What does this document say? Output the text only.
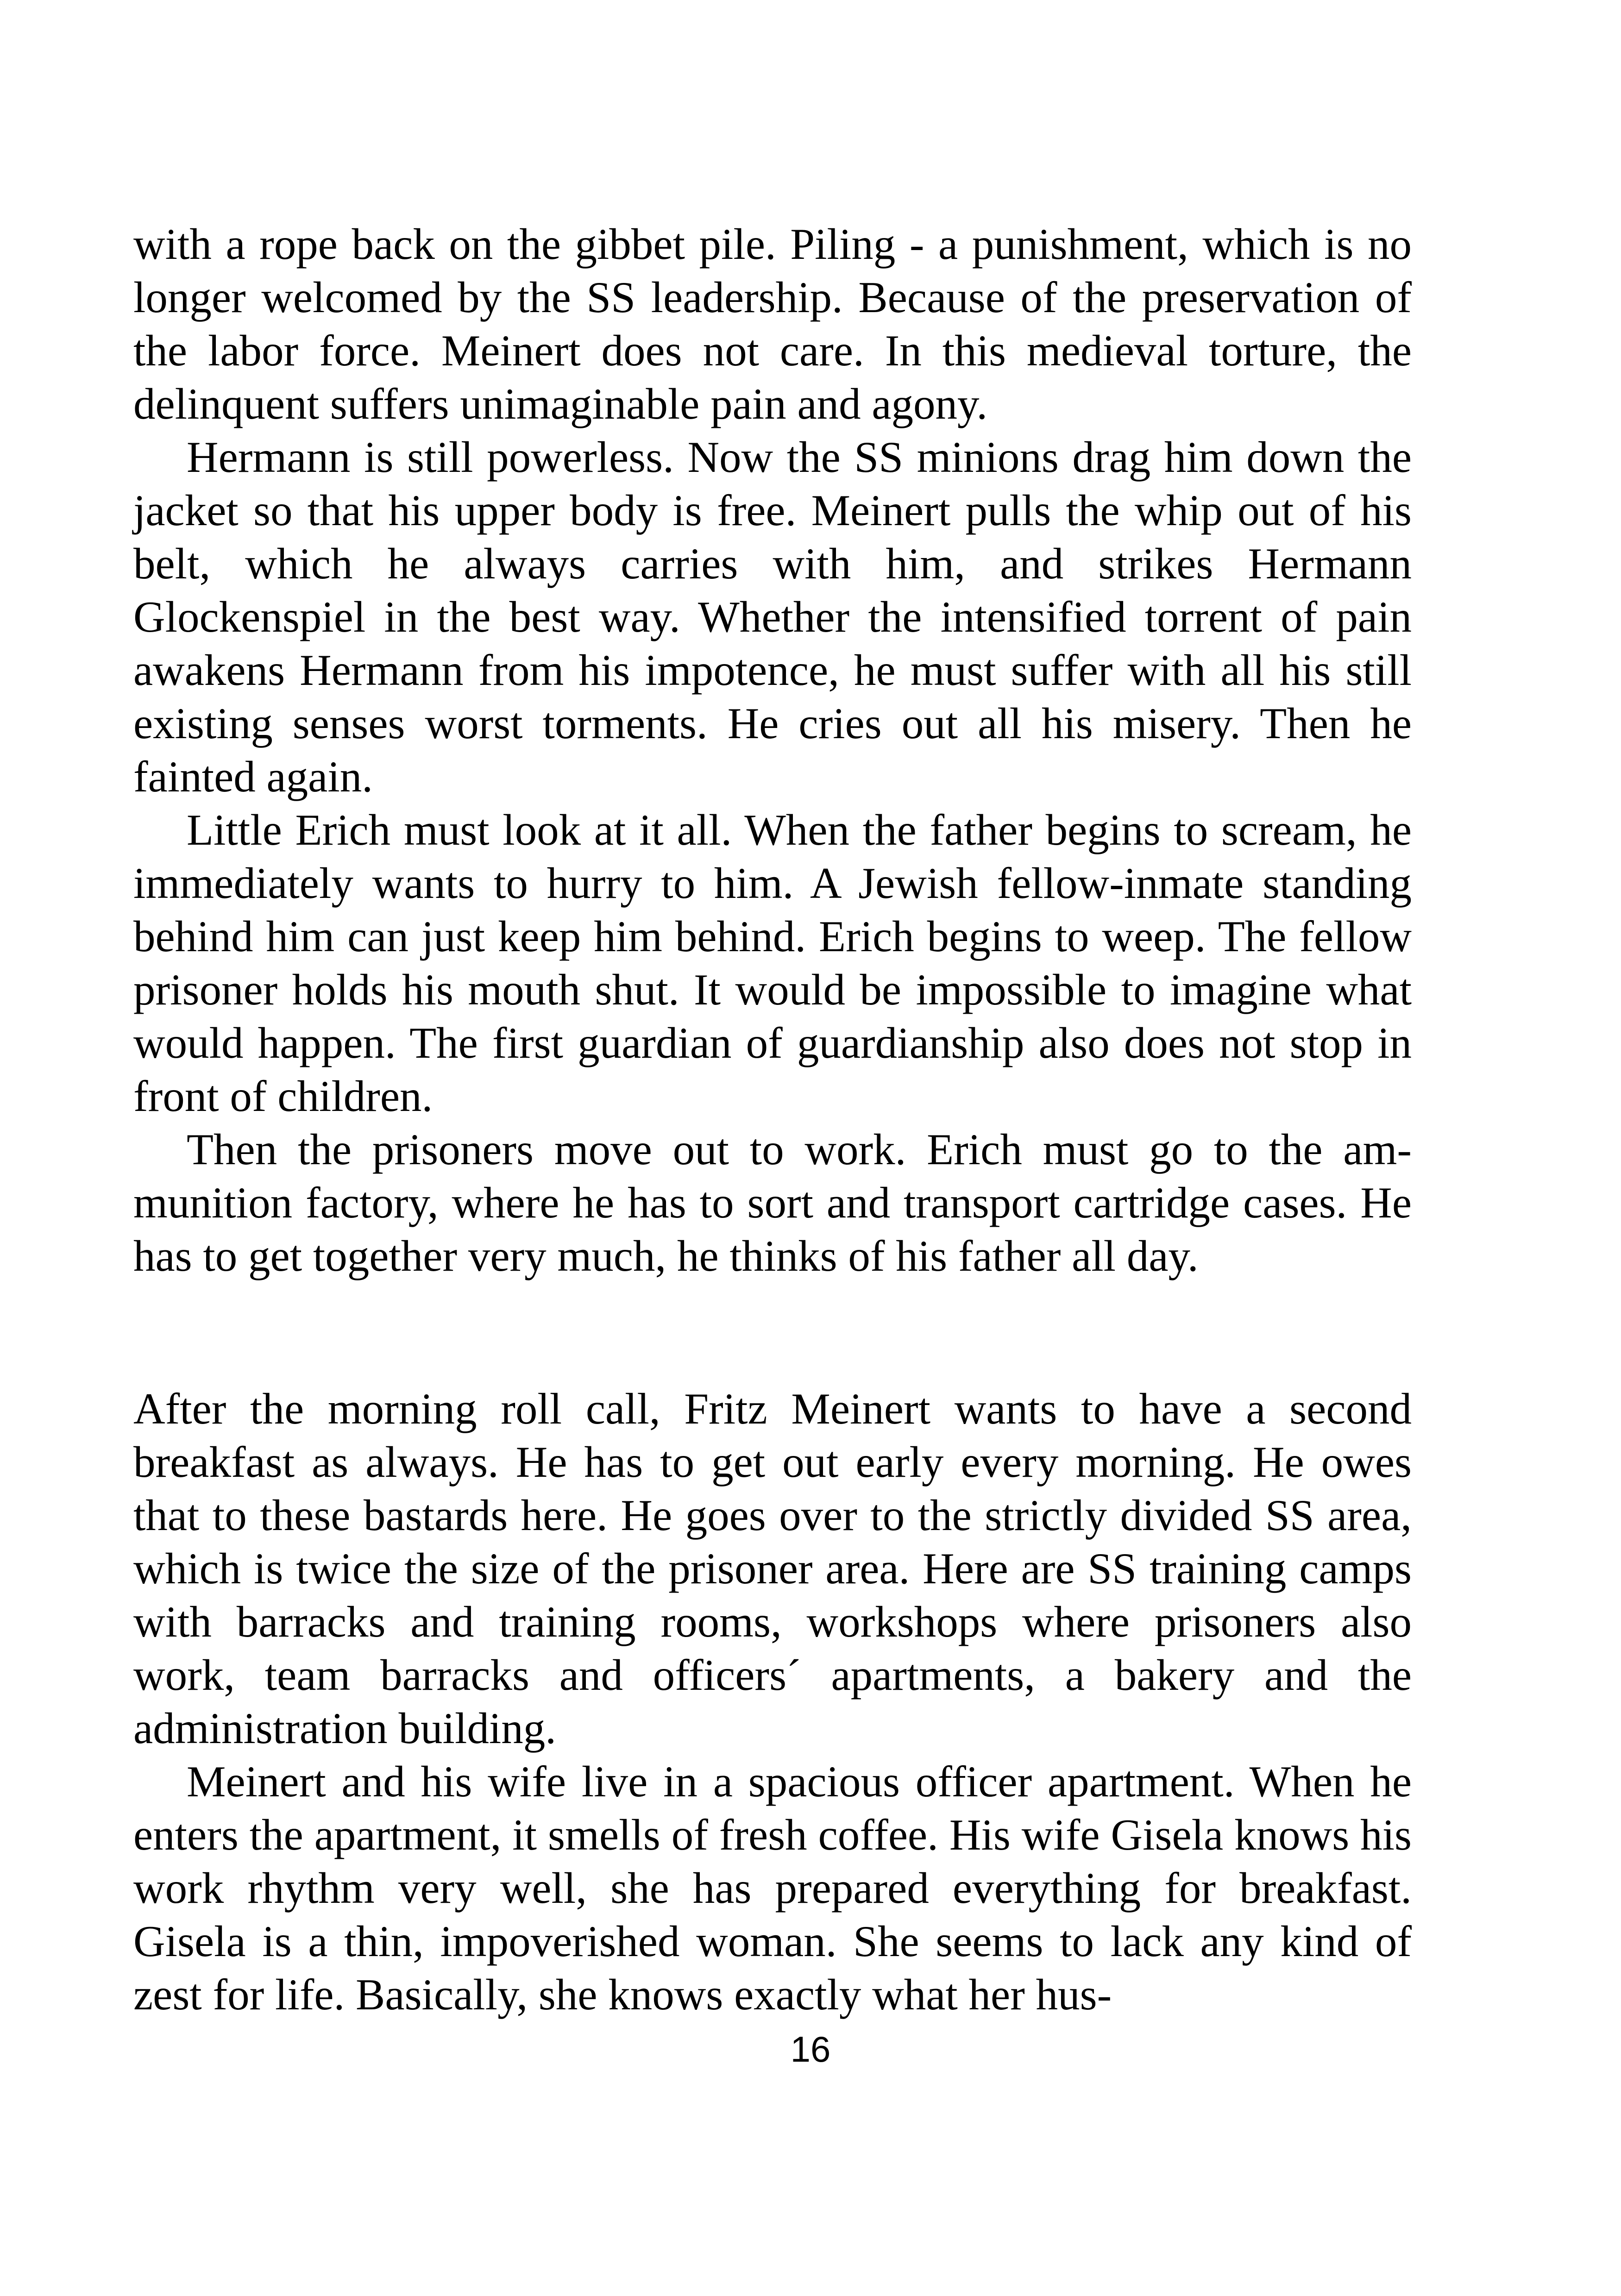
with a rope back on the gibbet pile. Piling - a punishment, which is no longer welcomed by the SS leadership. Because of the preservation of the labor force. Meinert does not care. In this medieval torture, the delinquent suffers unimaginable pain and agony.

Hermann is still powerless. Now the SS minions drag him down the jacket so that his upper body is free. Meinert pulls the whip out of his belt, which he always carries with him, and strikes Hermann Glockenspiel in the best way. Whether the intensified torrent of pain awakens Hermann from his impotence, he must suffer with all his still existing senses worst torments. He cries out all his misery. Then he fainted again.

Little Erich must look at it all. When the father begins to scream, he immediately wants to hurry to him. A Jewish fellow-inmate standing behind him can just keep him behind. Erich begins to weep. The fellow prisoner holds his mouth shut. It would be impossible to imagine what would happen. The first guardian of guardianship also does not stop in front of children.

Then the prisoners move out to work. Erich must go to the ammunition factory, where he has to sort and transport cartridge cases. He has to get together very much, he thinks of his father all day.

After the morning roll call, Fritz Meinert wants to have a second breakfast as always. He has to get out early every morning. He owes that to these bastards here. He goes over to the strictly divided SS area, which is twice the size of the prisoner area. Here are SS training camps with barracks and training rooms, workshops where prisoners also work, team barracks and officers´ apartments, a bakery and the administration building.

Meinert and his wife live in a spacious officer apartment. When he enters the apartment, it smells of fresh coffee. His wife Gisela knows his work rhythm very well, she has prepared everything for breakfast. Gisela is a thin, impoverished woman. She seems to lack any kind of zest for life. Basically, she knows exactly what her hus-

16
